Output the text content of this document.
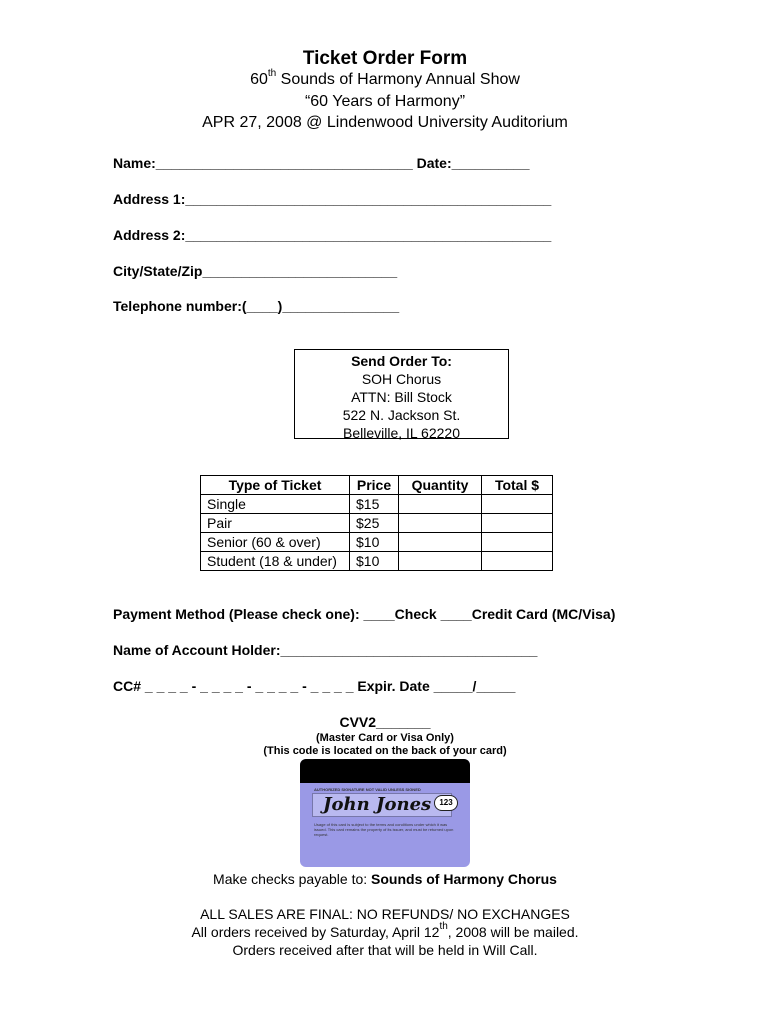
Ticket Order Form
60th Sounds of Harmony Annual Show
“60 Years of Harmony”
APR 27, 2008 @ Lindenwood University Auditorium
Name:_________________________________ Date:__________
Address 1:_______________________________________________
Address 2:_______________________________________________
City/State/Zip_________________________
Telephone number:(____)_______________
Send Order To:
SOH Chorus
ATTN: Bill Stock
522 N. Jackson St.
Belleville, IL 62220
Type of Ticket	Price	Quantity	Total $
Single	$15		
Pair	$25		
Senior (60 & over)	$10		
Student (18 & under)	$10		
Payment Method (Please check one): ____Check ____Credit Card (MC/Visa)
Name of Account Holder:_________________________________
CC# _ _ _ _ - _ _ _ _ - _ _ _ _ - _ _ _ _ Expir. Date _____/_____
CVV2_______
(Master Card or Visa Only)
(This code is located on the back of your card)
AUTHORIZED SIGNATURE NOT VALID UNLESS SIGNED
John Jones	123
Usage of this card is subject to the terms and conditions under which it was issued. This card remains the property of its issuer, and must be returned upon request.
Make checks payable to: Sounds of Harmony Chorus
ALL SALES ARE FINAL: NO REFUNDS/ NO EXCHANGES
All orders received by Saturday, April 12th, 2008 will be mailed.
Orders received after that will be held in Will Call.
